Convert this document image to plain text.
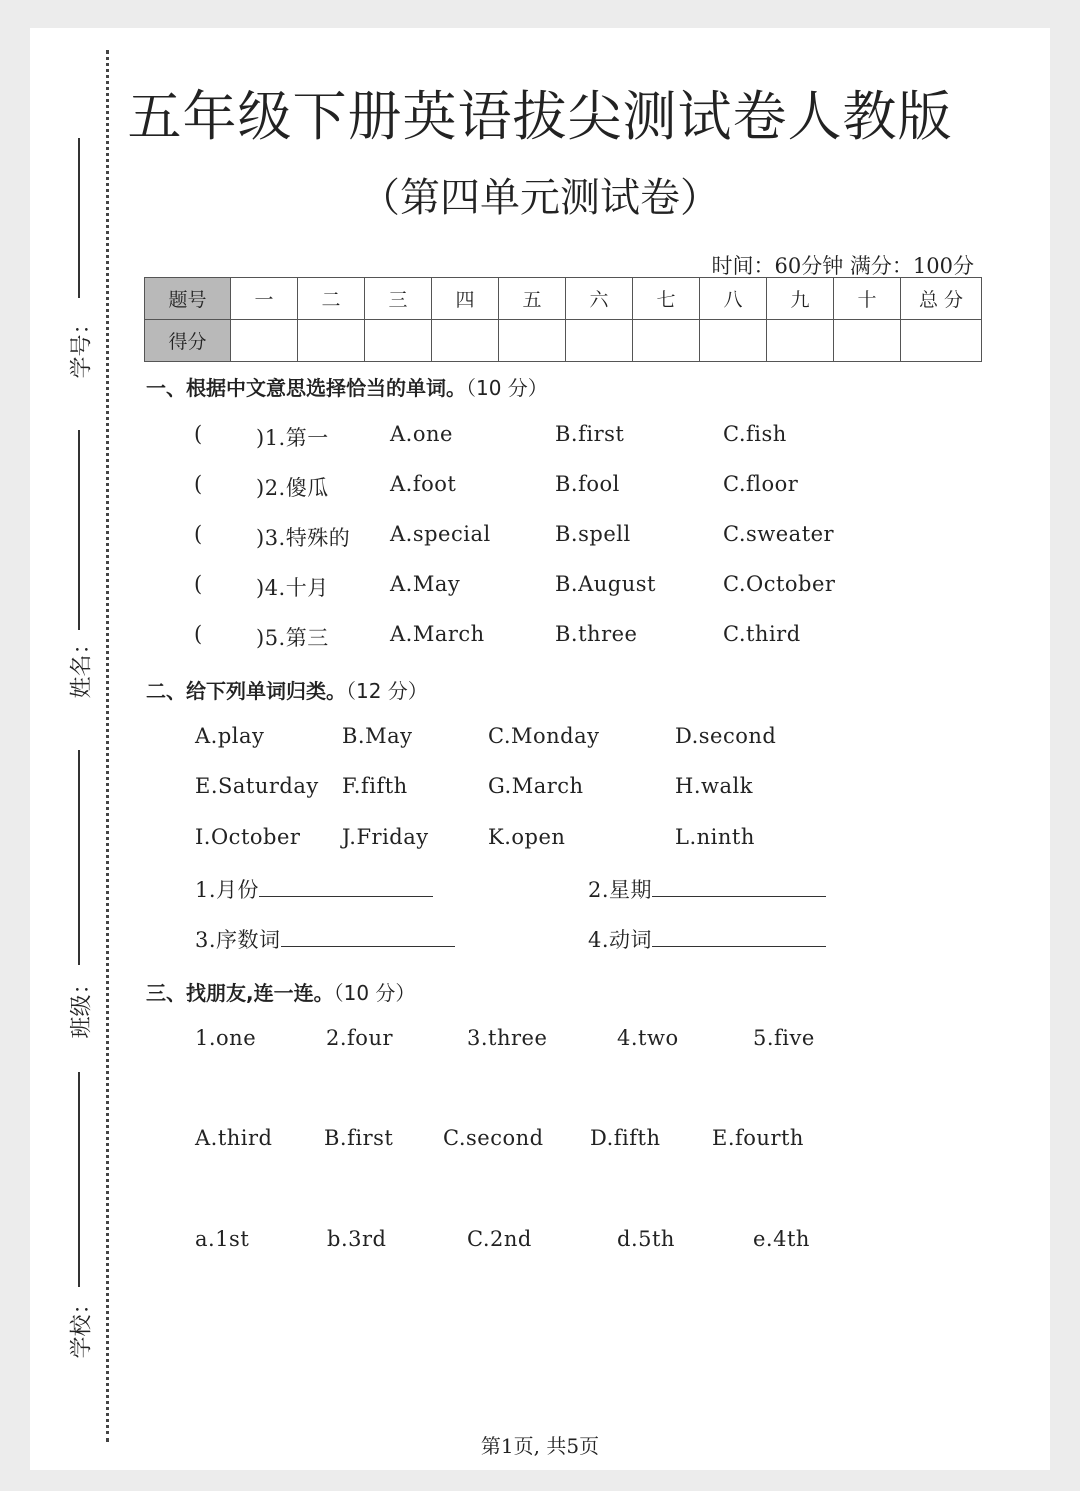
学号：
姓名：
班级：
学校：
五年级下册英语拔尖测试卷人教版
（第四单元测试卷）
时间：60分钟 满分：100分
题号	一	二	三	四	五	六	七	八	九	十	总 分
得分											
一、根据中文意思选择恰当的单词。（10 分）
(	)1.第一	A.one	B.first	C.fish
(	)2.傻瓜	A.foot	B.fool	C.floor
(	)3.特殊的 A.special	B.spell	C.sweater
(	)4.十月	A.May	B.August	C.October
(	)5.第三	A.March	B.three	C.third
二、给下列单词归类。（12 分）
A.play	B.May	C.Monday	D.second
E.Saturday F.fifth	G.March	H.walk
I.October J.Friday	K.open	L.ninth
1.月份	2.星期
3.序数词	4.动词
三、找朋友,连一连。（10 分）
1.one	2.four	3.three	4.two	5.five
A.third B.first C.second D.fifth E.fourth
a.1st	b.3rd	C.2nd	d.5th	e.4th
第1页, 共5页
